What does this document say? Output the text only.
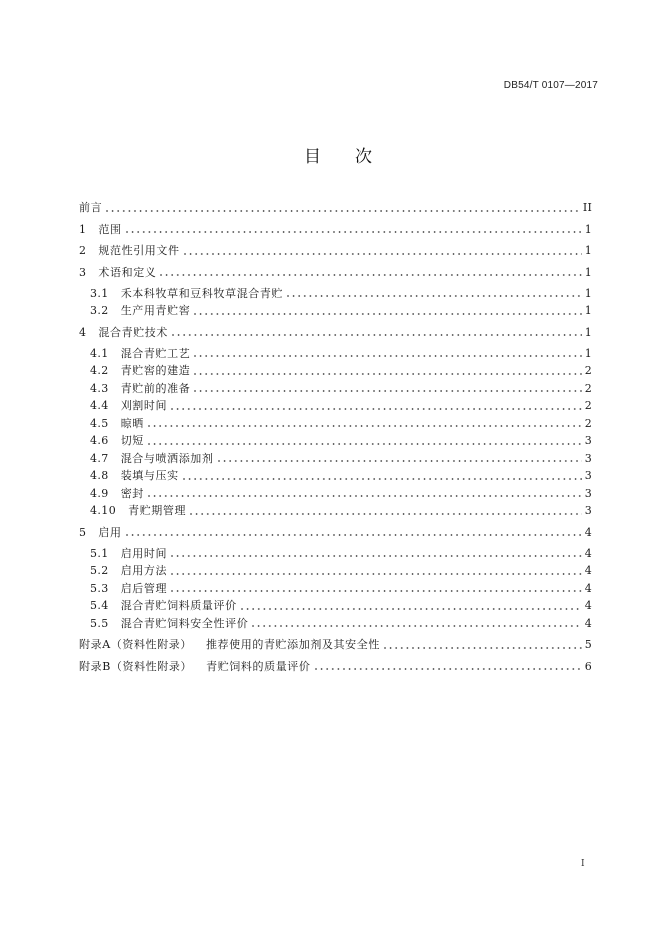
DB54/T 0107—2017
目　　次
前言	II
1 范围	1
2 规范性引用文件	1
3 术语和定义	1
3.1 禾本科牧草和豆科牧草混合青贮	1
3.2 生产用青贮窖	1
4 混合青贮技术	1
4.1 混合青贮工艺	1
4.2 青贮窖的建造	2
4.3 青贮前的准备	2
4.4 刈割时间	2
4.5 晾晒	2
4.6 切短	3
4.7 混合与喷洒添加剂	3
4.8 装填与压实	3
4.9 密封	3
4.10 青贮期管理	3
5 启用	4
5.1 启用时间	4
5.2 启用方法	4
5.3 启后管理	4
5.4 混合青贮饲料质量评价	4
5.5 混合青贮饲料安全性评价	4
附录A（资料性附录） 推荐使用的青贮添加剂及其安全性	5
附录B（资料性附录） 青贮饲料的质量评价	6
I
